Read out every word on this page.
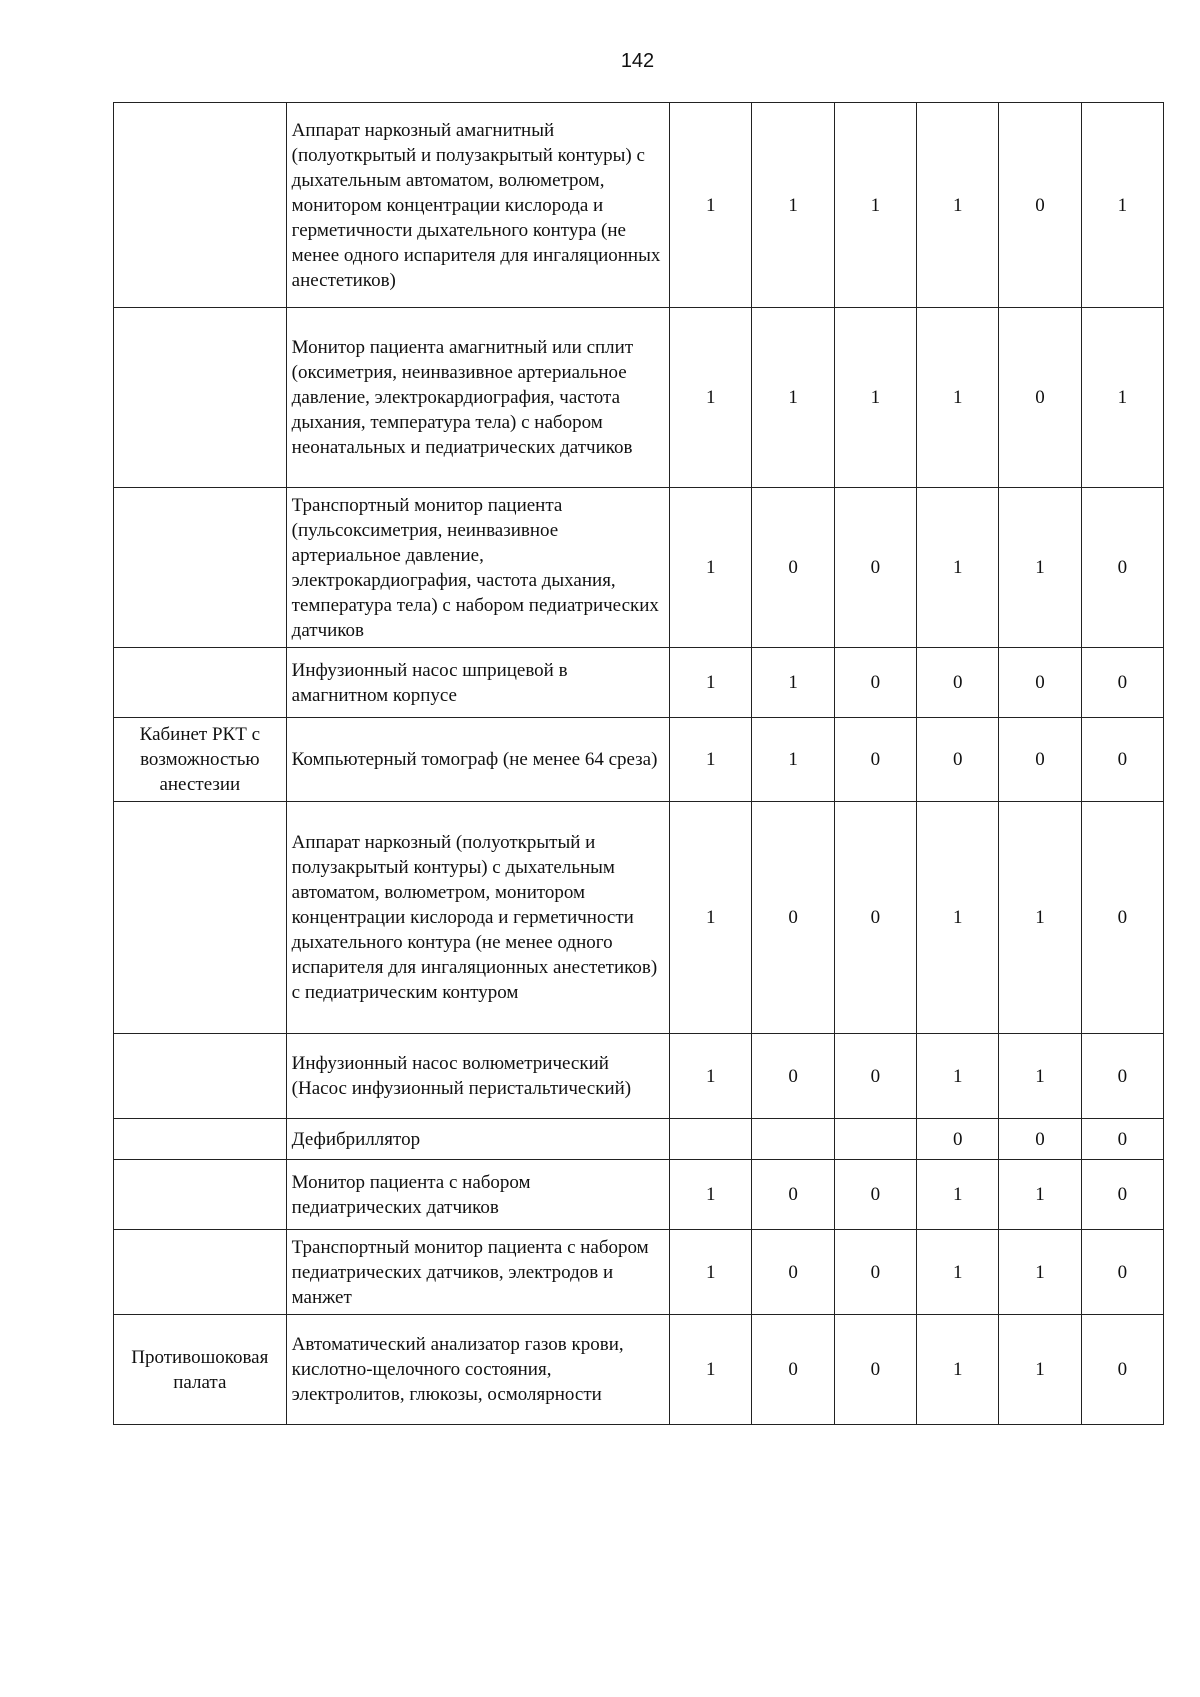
142
	Аппарат наркозный амагнитный (полуоткрытый и полузакрытый контуры) с дыхательным автоматом, волюметром, монитором концентрации кислорода и герметичности дыхательного контура (не менее одного испарителя для ингаляционных анестетиков)	1	1	1	1	0	1
	Монитор пациента амагнитный или сплит (оксиметрия, неинвазивное артериальное давление, электрокардиография, частота дыхания, температура тела) с набором неонатальных и педиатрических датчиков	1	1	1	1	0	1
	Транспортный монитор пациента (пульсоксиметрия, неинвазивное артериальное давление, электрокардиография, частота дыхания, температура тела) с набором педиатрических датчиков	1	0	0	1	1	0
	Инфузионный насос шприцевой в амагнитном корпусе	1	1	0	0	0	0
Кабинет РКТ с возможностью анестезии	Компьютерный томограф (не менее 64 среза)	1	1	0	0	0	0
	Аппарат наркозный (полуоткрытый и полузакрытый контуры) с дыхательным автоматом, волюметром, монитором концентрации кислорода и герметичности дыхательного контура (не менее одного испарителя для ингаляционных анестетиков) с педиатрическим контуром	1	0	0	1	1	0
	Инфузионный насос волюметрический (Насос инфузионный перистальтический)	1	0	0	1	1	0
	Дефибриллятор				0	0	0
	Монитор пациента с набором педиатрических датчиков	1	0	0	1	1	0
	Транспортный монитор пациента с набором педиатрических датчиков, электродов и манжет	1	0	0	1	1	0
Противошоковая палата	Автоматический анализатор газов крови, кислотно-щелочного состояния, электролитов, глюкозы, осмолярности	1	0	0	1	1	0
